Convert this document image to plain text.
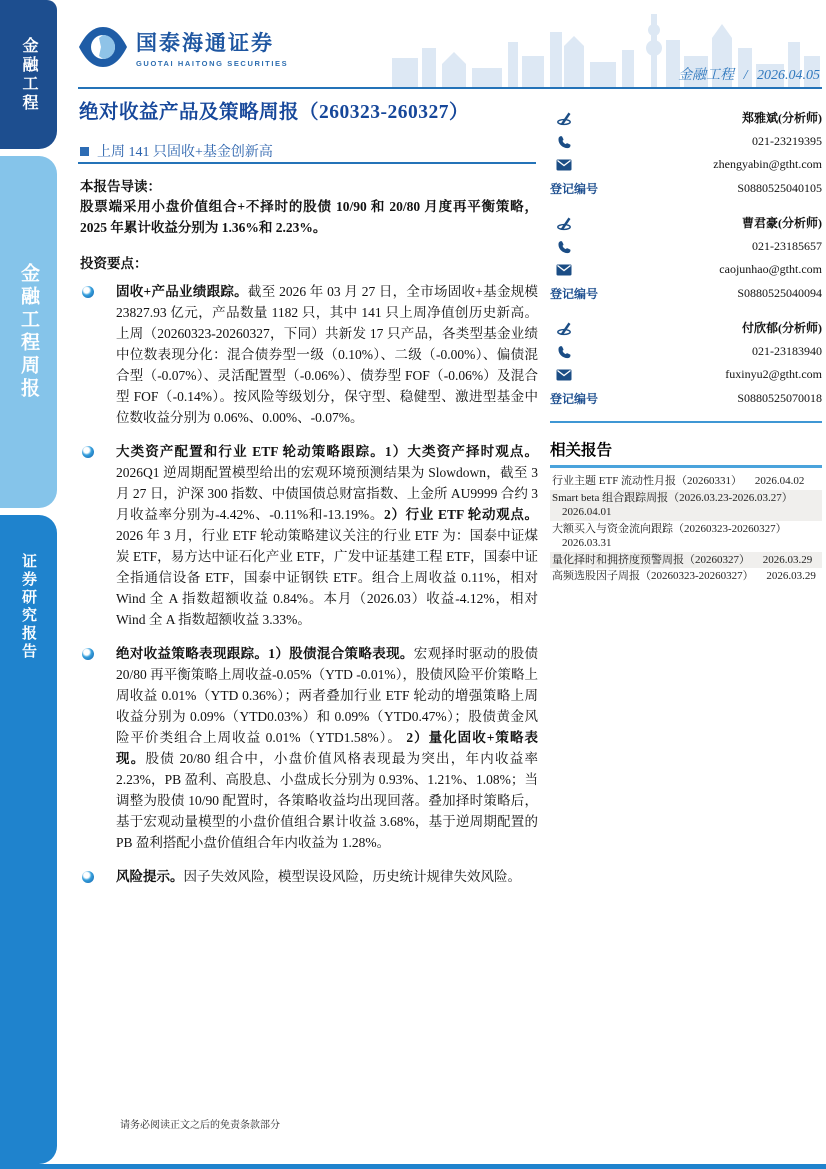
金融工程
金融工程周报
证券研究报告
国泰海通证券
GUOTAI HAITONG SECURITIES
金融工程 / 2026.04.05
绝对收益产品及策略周报（260323-260327）
上周 141 只固收+基金创新高
本报告导读：
股票端采用小盘价值组合+不择时的股债 10/90 和 20/80 月度再平衡策略，2025 年累计收益分别为 1.36%和 2.23%。
投资要点：
固收+产品业绩跟踪。截至 2026 年 03 月 27 日，全市场固收+基金规模 23827.93 亿元，产品数量 1182 只，其中 141 只上周净值创历史新高。上周（20260323-20260327，下同）共新发 17 只产品，各类型基金业绩中位数表现分化：混合债券型一级（0.10%）、二级（-0.00%）、偏债混合型（-0.07%）、灵活配置型（-0.06%）、债券型 FOF（-0.06%）及混合型 FOF（-0.14%）。按风险等级划分，保守型、稳健型、激进型基金中位数收益分别为 0.06%、0.00%、-0.07%。
大类资产配置和行业 ETF 轮动策略跟踪。1）大类资产择时观点。2026Q1 逆周期配置模型给出的宏观环境预测结果为 Slowdown，截至 3 月 27 日，沪深 300 指数、中债国债总财富指数、上金所 AU9999 合约 3 月收益率分别为-4.42%、-0.11%和-13.19%。2）行业 ETF 轮动观点。2026 年 3 月，行业 ETF 轮动策略建议关注的行业 ETF 为：国泰中证煤炭 ETF，易方达中证石化产业 ETF，广发中证基建工程 ETF，国泰中证全指通信设备 ETF，国泰中证钢铁 ETF。组合上周收益 0.11%，相对 Wind 全 A 指数超额收益 0.84%。本月（2026.03）收益-4.12%，相对 Wind 全 A 指数超额收益 3.33%。
绝对收益策略表现跟踪。1）股债混合策略表现。宏观择时驱动的股债 20/80 再平衡策略上周收益-0.05%（YTD -0.01%），股债风险平价策略上周收益 0.01%（YTD 0.36%）；两者叠加行业 ETF 轮动的增强策略上周收益分别为 0.09%（YTD0.03%）和 0.09%（YTD0.47%）；股债黄金风险平价类组合上周收益 0.01%（YTD1.58%）。 2）量化固收+策略表现。股债 20/80 组合中，小盘价值风格表现最为突出，年内收益率 2.23%，PB 盈利、高股息、小盘成长分别为 0.93%、1.21%、1.08%；当调整为股债 10/90 配置时，各策略收益均出现回落。叠加择时策略后，基于宏观动量模型的小盘价值组合累计收益 3.68%，基于逆周期配置的 PB 盈利搭配小盘价值组合年内收益为 1.28%。
风险提示。因子失效风险，模型误设风险，历史统计规律失效风险。
郑雅斌(分析师)
021-23219395
zhengyabin@gtht.com
登记编号	S0880525040105
曹君豪(分析师)
021-23185657
caojunhao@gtht.com
登记编号	S0880525040094
付欣郁(分析师)
021-23183940
fuxinyu2@gtht.com
登记编号	S0880525070018
相关报告
行业主题 ETF 流动性月报（20260331） 2026.04.02
Smart beta 组合跟踪周报（2026.03.23-2026.03.27） 2026.04.01
大额买入与资金流向跟踪（20260323-20260327） 2026.03.31
量化择时和拥挤度预警周报（20260327） 2026.03.29
高频选股因子周报（20260323-20260327） 2026.03.29
请务必阅读正文之后的免责条款部分
